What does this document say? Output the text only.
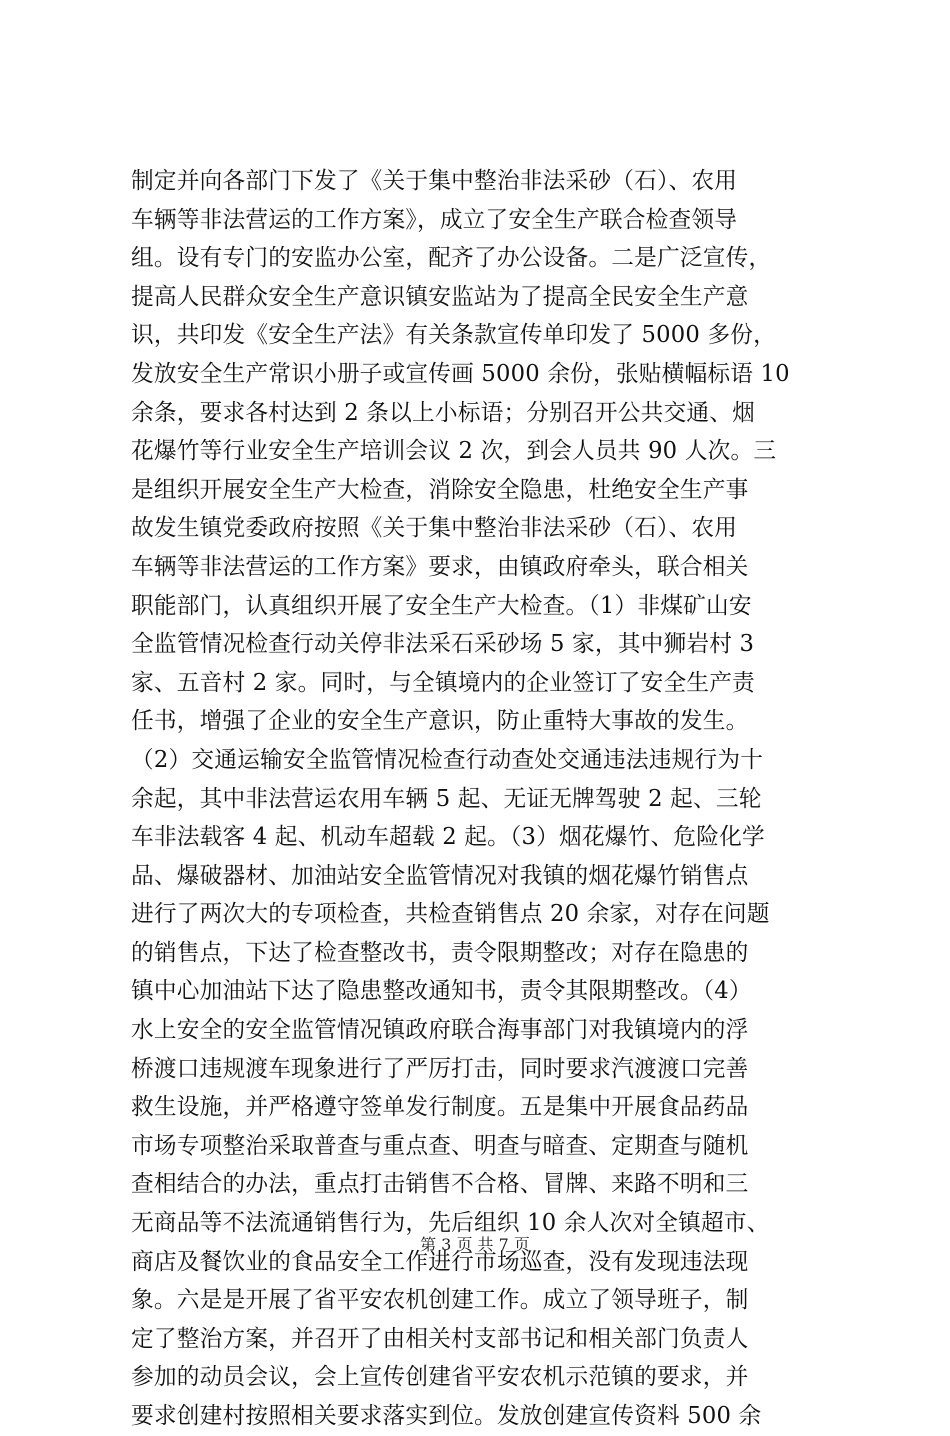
制定并向各部门下发了《关于集中整治非法采砂（石）、农用
车辆等非法营运的工作方案》，成立了安全生产联合检查领导
组。设有专门的安监办公室，配齐了办公设备。二是广泛宣传，
提高人民群众安全生产意识镇安监站为了提高全民安全生产意
识，共印发《安全生产法》有关条款宣传单印发了 5000 多份，
发放安全生产常识小册子或宣传画 5000 余份，张贴横幅标语 10
余条，要求各村达到 2 条以上小标语；分别召开公共交通、烟
花爆竹等行业安全生产培训会议 2 次，到会人员共 90 人次。三
是组织开展安全生产大检查，消除安全隐患，杜绝安全生产事
故发生镇党委政府按照《关于集中整治非法采砂（石）、农用
车辆等非法营运的工作方案》要求，由镇政府牵头，联合相关
职能部门，认真组织开展了安全生产大检查。（1）非煤矿山安
全监管情况检查行动关停非法采石采砂场 5 家，其中狮岩村 3
家、五音村 2 家。同时，与全镇境内的企业签订了安全生产责
任书，增强了企业的安全生产意识，防止重特大事故的发生。
（2）交通运输安全监管情况检查行动查处交通违法违规行为十
余起，其中非法营运农用车辆 5 起、无证无牌驾驶 2 起、三轮
车非法载客 4 起、机动车超载 2 起。（3）烟花爆竹、危险化学
品、爆破器材、加油站安全监管情况对我镇的烟花爆竹销售点
进行了两次大的专项检查，共检查销售点 20 余家，对存在问题
的销售点，下达了检查整改书，责令限期整改；对存在隐患的
镇中心加油站下达了隐患整改通知书，责令其限期整改。（4）
水上安全的安全监管情况镇政府联合海事部门对我镇境内的浮
桥渡口违规渡车现象进行了严厉打击，同时要求汽渡渡口完善
救生设施，并严格遵守签单发行制度。五是集中开展食品药品
市场专项整治采取普查与重点查、明查与暗查、定期查与随机
查相结合的办法，重点打击销售不合格、冒牌、来路不明和三
无商品等不法流通销售行为，先后组织 10 余人次对全镇超市、
商店及餐饮业的食品安全工作进行市场巡查，没有发现违法现
象。六是是开展了省平安农机创建工作。成立了领导班子，制
定了整治方案，并召开了由相关村支部书记和相关部门负责人
参加的动员会议，会上宣传创建省平安农机示范镇的要求，并
要求创建村按照相关要求落实到位。发放创建宣传资料 500 余
第 3 页 共 7 页
